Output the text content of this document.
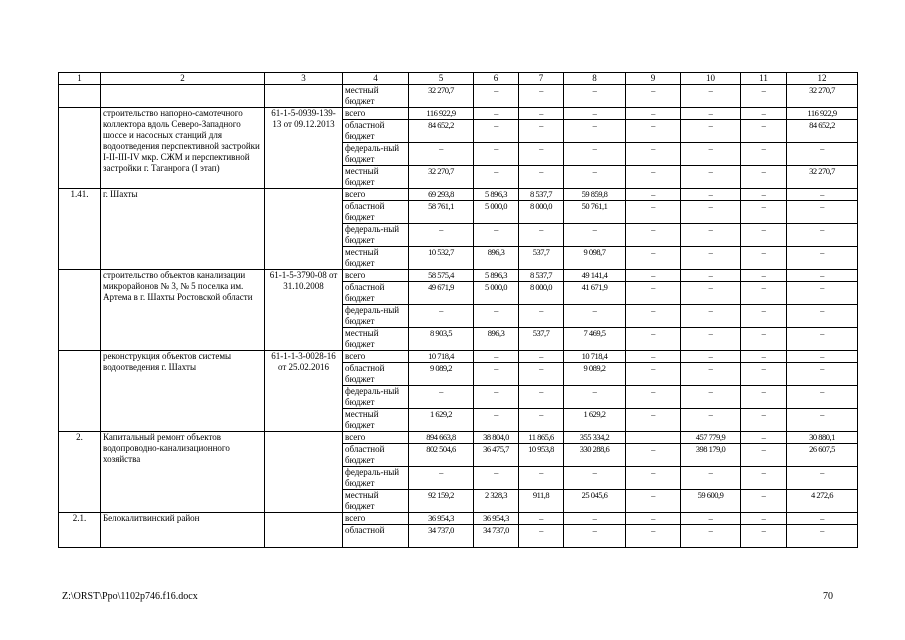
1	2	3	4	5	6	7	8	9	10	11	12
			местный бюджет	32 270,7	–	–	–	–	–	–	32 270,7
	строительство напорно-самотечного коллектора вдоль Северо-Западного шоссе и насосных станций для водоотведения перспективной застройки I-II-III-IV мкр. СЖМ и перспективной застройки г. Таганрога (I этап)	61-1-5-0939-139-13 от 09.12.2013	всего	116 922,9	–	–	–	–	–	–	116 922,9
			областной бюджет	84 652,2	–	–	–	–	–	–	84 652,2
			федераль-ный бюджет	–	–	–	–	–	–	–	–
			местный бюджет	32 270,7	–	–	–	–	–	–	32 270,7
1.41.	г. Шахты		всего	69 293,8	5 896,3	8 537,7	59 859,8	–	–	–	–
			областной бюджет	58 761,1	5 000,0	8 000,0	50 761,1	–	–	–	–
			федераль-ный бюджет	–	–	–	–	–	–	–	–
			местный бюджет	10 532,7	896,3	537,7	9 098,7	–	–	–	–
	строительство объектов канализации микрорайонов № 3, № 5 поселка им. Артема в г. Шахты Ростовской области	61-1-5-3790-08 от 31.10.2008	всего	58 575,4	5 896,3	8 537,7	49 141,4	–	–	–	–
			областной бюджет	49 671,9	5 000,0	8 000,0	41 671,9	–	–	–	–
			федераль-ный бюджет	–	–	–	–	–	–	–	–
			местный бюджет	8 903,5	896,3	537,7	7 469,5	–	–	–	–
	реконструкция объектов системы водоотведения г. Шахты	61-1-1-3-0028-16 от 25.02.2016	всего	10 718,4	–	–	10 718,4	–	–	–	–
			областной бюджет	9 089,2	–	–	9 089,2	–	–	–	–
			федераль-ный бюджет	–	–	–	–	–	–	–	–
			местный бюджет	1 629,2	–	–	1 629,2	–	–	–	–
2.	Капитальный ремонт объектов водопроводно-канализационного хозяйства		всего	894 663,8	38 804,0	11 865,6	355 334,2		457 779,9	–	30 880,1
			областной бюджет	802 504,6	36 475,7	10 953,8	330 288,6	–	398 179,0	–	26 607,5
			федераль-ный бюджет	–	–	–	–	–	–	–	–
			местный бюджет	92 159,2	2 328,3	911,8	25 045,6	–	59 600,9	–	4 272,6
2.1.	Белокалитвинский район		всего	36 954,3	36 954,3	–	–	–	–	–	–
			областной	34 737,0	34 737,0	–	–	–	–	–	–
Z:\ORST\Ppo\1102p746.f16.docx	70
